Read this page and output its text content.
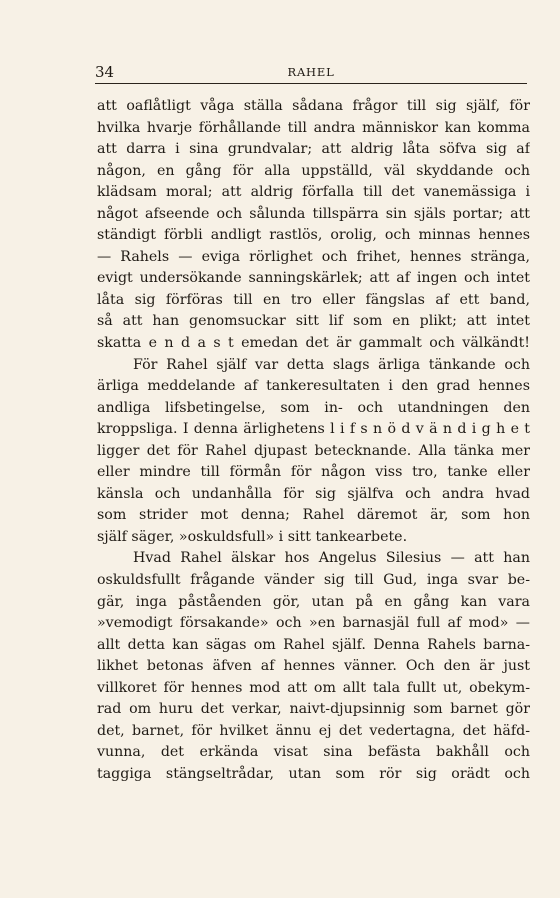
34	RAHEL
att oaflåtligt våga ställa sådana frågor till sig själf, för
hvilka hvarje förhållande till andra människor kan komma
att darra i sina grundvalar; att aldrig låta söfva sig af
någon, en gång för alla uppställd, väl skyddande och
klädsam moral; att aldrig förfalla till det vanemässiga i
något afseende och sålunda tillspärra sin själs portar; att
ständigt förbli andligt rastlös, orolig, och minnas hennes
— Rahels — eviga rörlighet och frihet, hennes stränga,
evigt undersökande sanningskärlek; att af ingen och intet
låta sig förföras till en tro eller fängslas af ett band,
så att han genomsuckar sitt lif som en plikt; att intet
skatta e n d a s t emedan det är gammalt och välkändt!
För Rahel själf var detta slags ärliga tänkande och
ärliga meddelande af tankeresultaten i den grad hennes
andliga lifsbetingelse, som in- och utandningen den
kroppsliga. I denna ärlighetens l i f s n ö d v ä n d i g h e t
ligger det för Rahel djupast betecknande. Alla tänka mer
eller mindre till förmån för någon viss tro, tanke eller
känsla och undanhålla för sig själfva och andra hvad
som strider mot denna; Rahel däremot är, som hon
själf säger, »oskuldsfull» i sitt tankearbete.
Hvad Rahel älskar hos Angelus Silesius — att han
oskuldsfullt frågande vänder sig till Gud, inga svar be-
gär, inga påståenden gör, utan på en gång kan vara
»vemodigt försakande» och »en barnasjäl full af mod» —
allt detta kan sägas om Rahel själf. Denna Rahels barna-
likhet betonas äfven af hennes vänner. Och den är just
villkoret för hennes mod att om allt tala fullt ut, obekym-
rad om huru det verkar, naivt-djupsinnig som barnet gör
det, barnet, för hvilket ännu ej det vedertagna, det häfd-
vunna, det erkända visat sina befästa bakhåll och
taggiga stängseltrådar, utan som rör sig orädt och
